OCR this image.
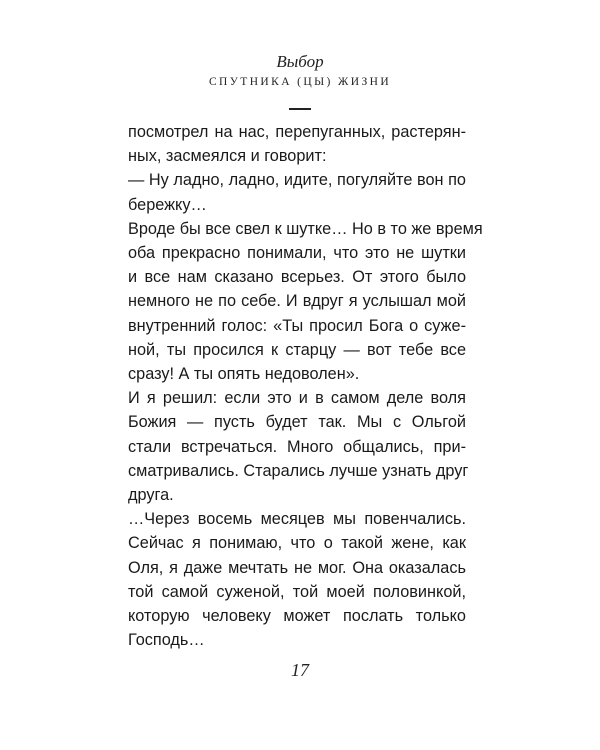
Выбор
СПУТНИКА (ЦЫ) ЖИЗНИ
посмотрел на нас, перепуганных, растерян-
ных, засмеялся и говорит:
— Ну ладно, ладно, идите, погуляйте вон по
бережку…
Вроде бы все свел к шутке… Но в то же время
оба прекрасно понимали, что это не шутки
и все нам сказано всерьез. От этого было
немного не по себе. И вдруг я услышал мой
внутренний голос: «Ты просил Бога о суже-
ной, ты просился к старцу — вот тебе все
сразу! А ты опять недоволен».
И я решил: если это и в самом деле воля
Божия — пусть будет так. Мы с Ольгой
стали встречаться. Много общались, при-
сматривались. Старались лучше узнать друг
друга.
…Через восемь месяцев мы повенчались.
Сейчас я понимаю, что о такой жене, как
Оля, я даже мечтать не мог. Она оказалась
той самой суженой, той моей половинкой,
которую человеку может послать только
Господь…
17
